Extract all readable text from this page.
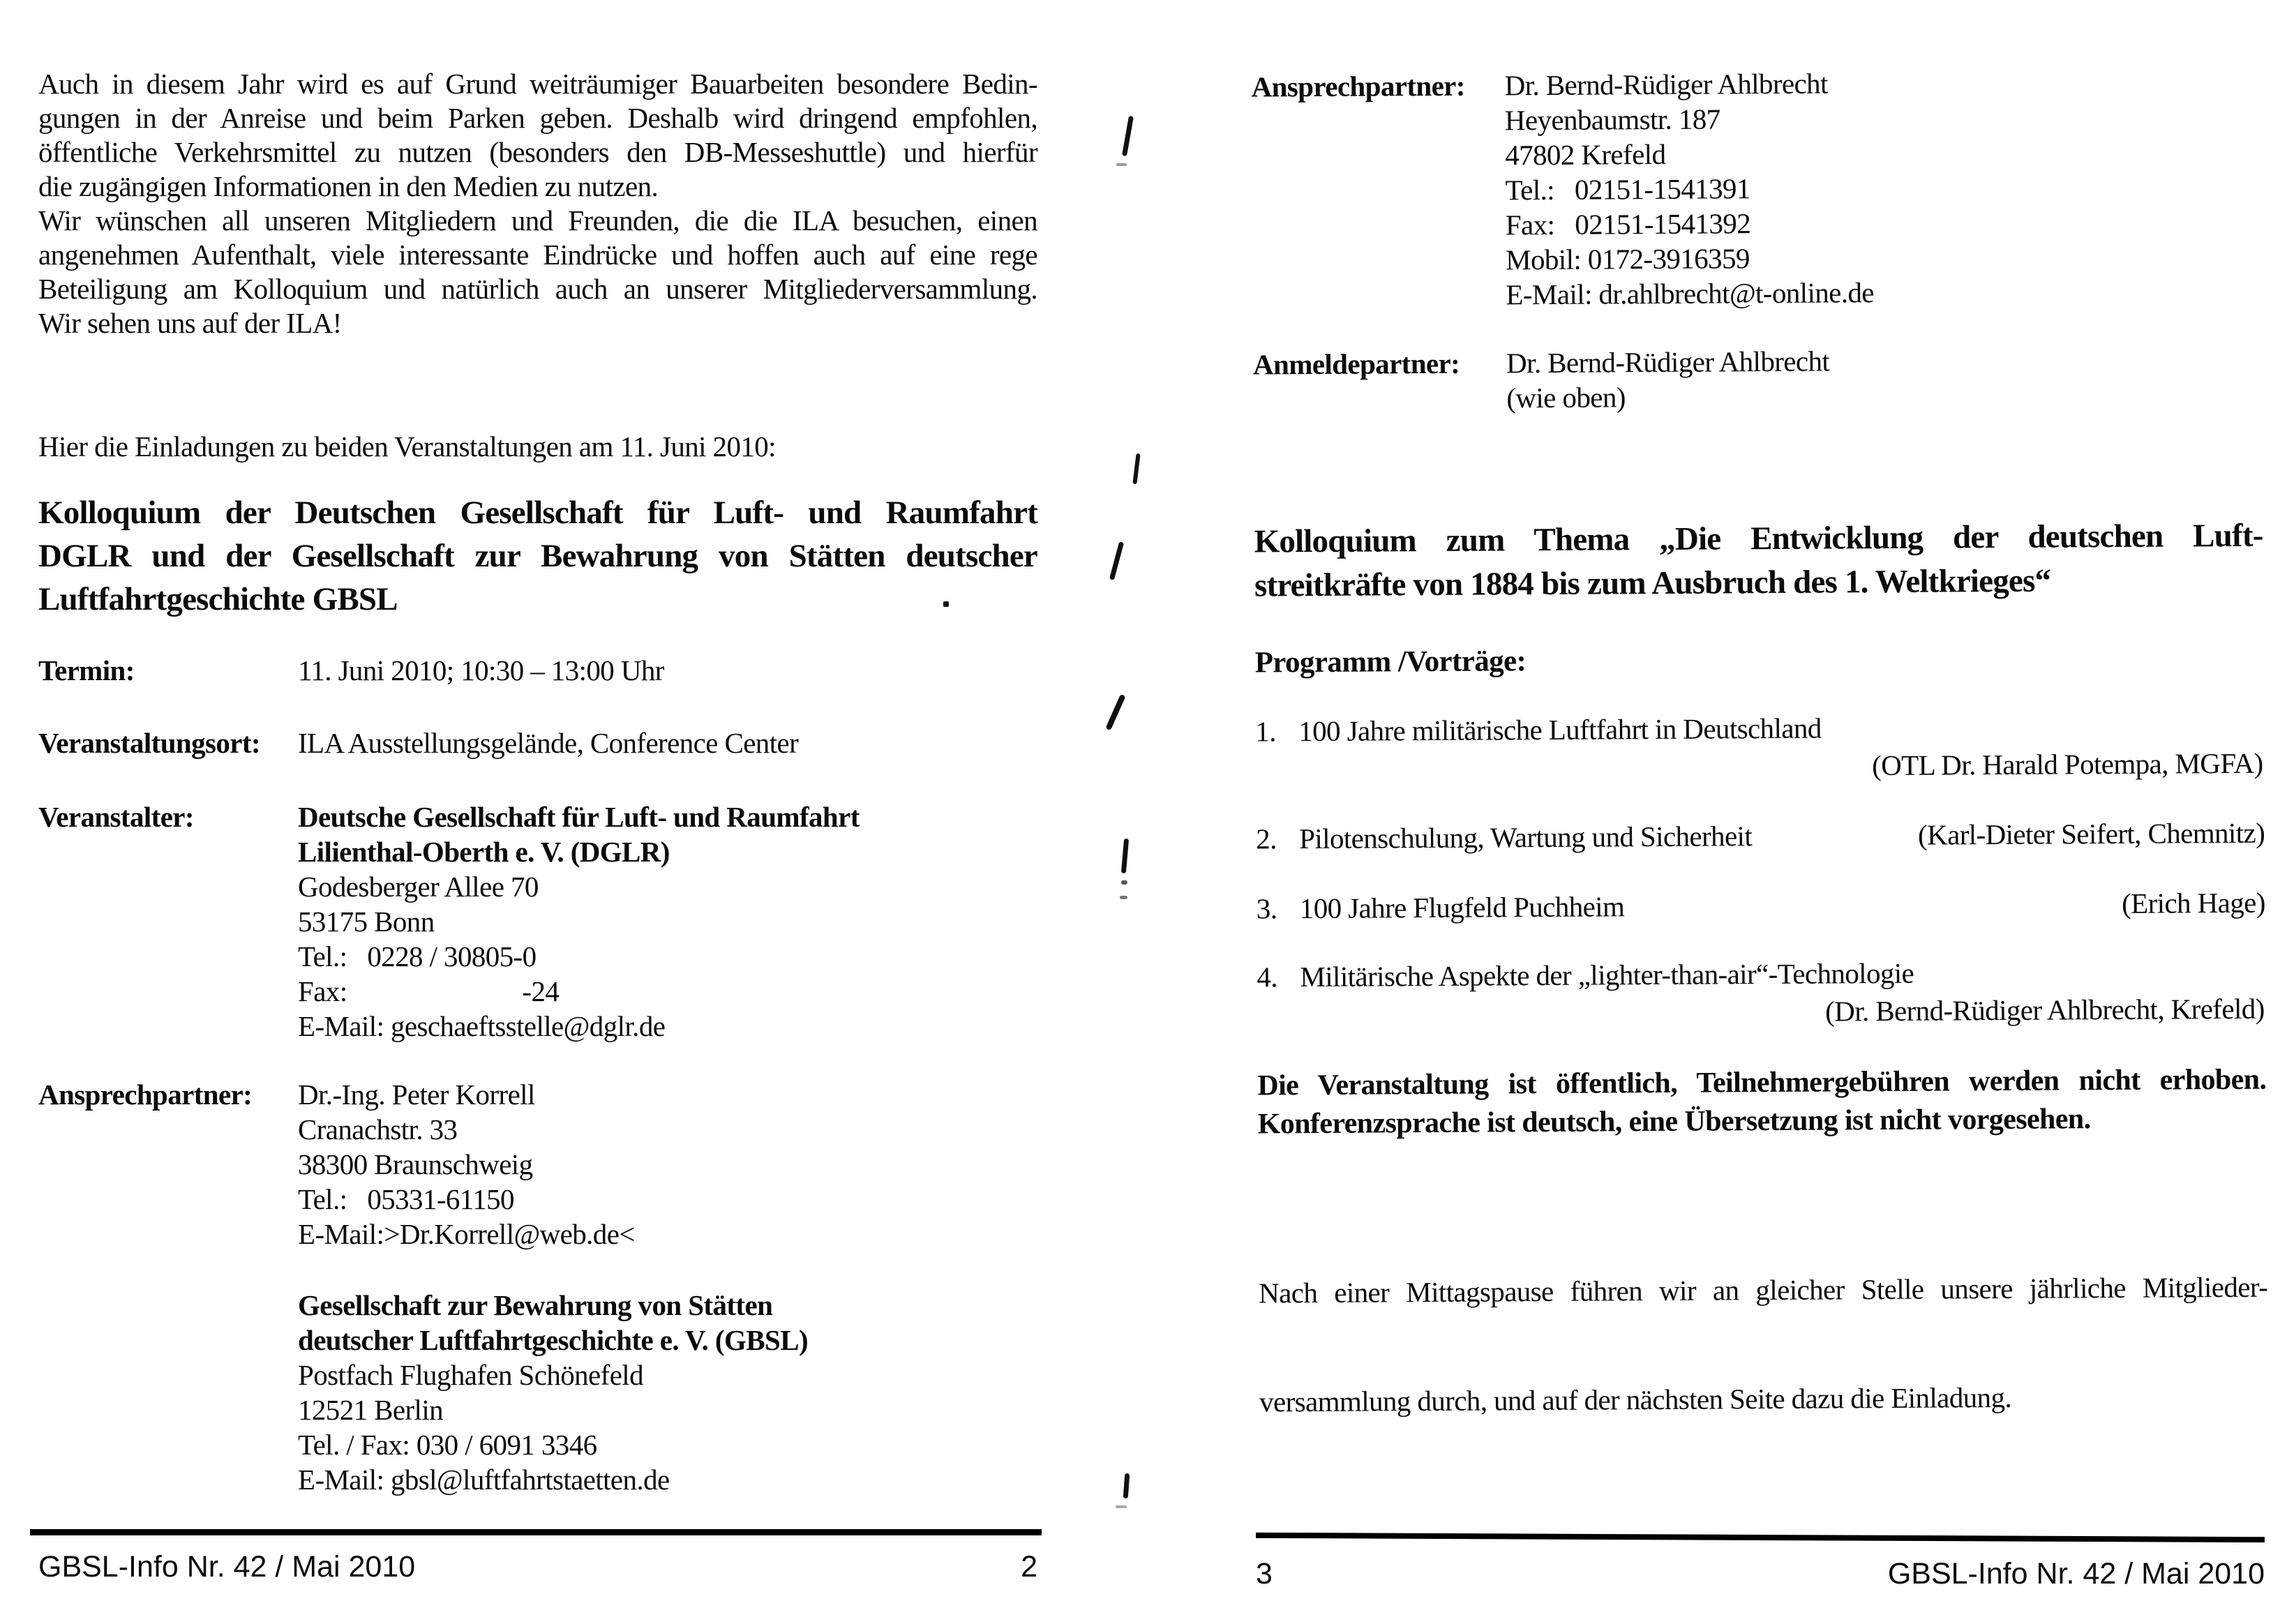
Auch in diesem Jahr wird es auf Grund weiträumiger Bauarbeiten besondere Bedin-
gungen in der Anreise und beim Parken geben. Deshalb wird dringend empfohlen,
öffentliche Verkehrsmittel zu nutzen (besonders den DB-Messeshuttle) und hierfür
die zugängigen Informationen in den Medien zu nutzen.
Wir wünschen all unseren Mitgliedern und Freunden, die die ILA besuchen, einen
angenehmen Aufenthalt, viele interessante Eindrücke und hoffen auch auf eine rege
Beteiligung am Kolloquium und natürlich auch an unserer Mitgliederversammlung.
Wir sehen uns auf der ILA!
Hier die Einladungen zu beiden Veranstaltungen am 11. Juni 2010:
Kolloquium der Deutschen Gesellschaft für Luft- und Raumfahrt
DGLR und der Gesellschaft zur Bewahrung von Stätten deutscher
Luftfahrtgeschichte GBSL
Termin:	11. Juni 2010; 10:30 – 13:00 Uhr
Veranstaltungsort:	ILA Ausstellungsgelände, Conference Center
Veranstalter:	Deutsche Gesellschaft für Luft- und Raumfahrt
Lilienthal-Oberth e. V. (DGLR)
Godesberger Allee 70
53175 Bonn
Tel.:   0228 / 30805-0
Fax:                          -24
E-Mail: geschaeftsstelle@dglr.de
Ansprechpartner:	Dr.-Ing. Peter Korrell
Cranachstr. 33
38300 Braunschweig
Tel.:   05331-61150
E-Mail:>Dr.Korrell@web.de<
Gesellschaft zur Bewahrung von Stätten
deutscher Luftfahrtgeschichte e. V. (GBSL)
Postfach Flughafen Schönefeld
12521 Berlin
Tel. / Fax: 030 / 6091 3346
E-Mail: gbsl@luftfahrtstaetten.de
GBSL-Info Nr. 42 / Mai 2010	2
Ansprechpartner:	Dr. Bernd-Rüdiger Ahlbrecht
Heyenbaumstr. 187
47802 Krefeld
Tel.:   02151-1541391
Fax:   02151-1541392
Mobil: 0172-3916359
E-Mail: dr.ahlbrecht@t-online.de
Anmeldepartner:	Dr. Bernd-Rüdiger Ahlbrecht
(wie oben)
Kolloquium zum Thema „Die Entwicklung der deutschen Luft-
streitkräfte von 1884 bis zum Ausbruch des 1. Weltkrieges“
Programm /Vorträge:
1. 100 Jahre militärische Luftfahrt in Deutschland
(OTL Dr. Harald Potempa, MGFA)
2. Pilotenschulung, Wartung und Sicherheit	(Karl-Dieter Seifert, Chemnitz)
3. 100 Jahre Flugfeld Puchheim	(Erich Hage)
4. Militärische Aspekte der „lighter-than-air“-Technologie
(Dr. Bernd-Rüdiger Ahlbrecht, Krefeld)
Die Veranstaltung ist öffentlich, Teilnehmergebühren werden nicht erhoben.
Konferenzsprache ist deutsch, eine Übersetzung ist nicht vorgesehen.

Nach einer Mittagspause führen wir an gleicher Stelle unsere jährliche Mitglieder-

versammlung durch, und auf der nächsten Seite dazu die Einladung.

3	GBSL-Info Nr. 42 / Mai 2010
